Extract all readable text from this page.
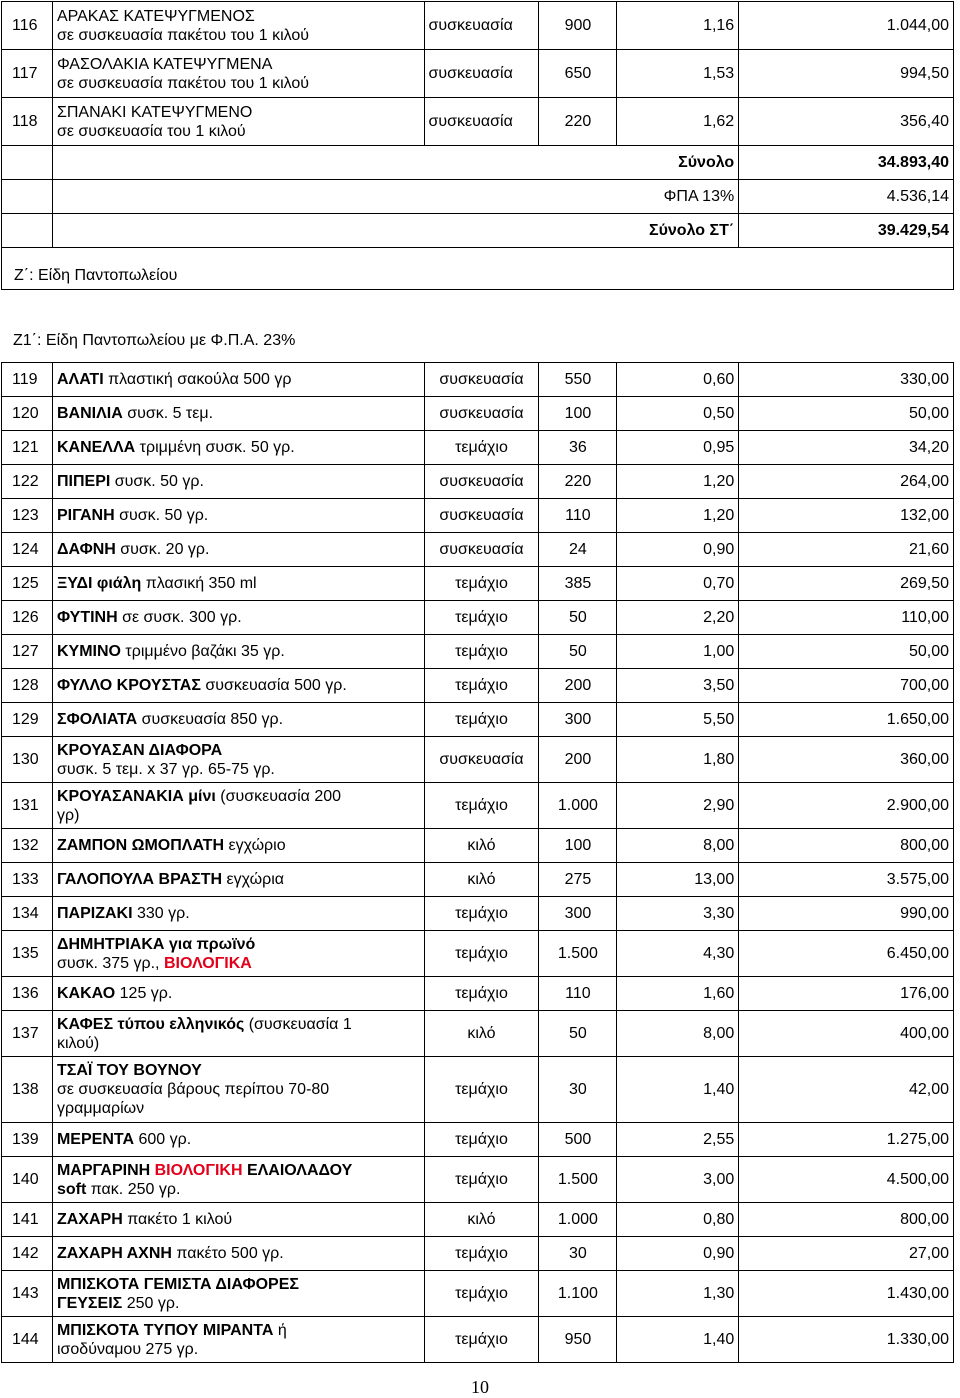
116	ΑΡΑΚΑΣ ΚΑΤΕΨΥΓΜΕΝΟΣ
σε συσκευασία πακέτου του 1 κιλού	συσκευασία	900	1,16	1.044,00
117	ΦΑΣΟΛΑΚΙΑ ΚΑΤΕΨΥΓΜΕΝΑ
σε συσκευασία πακέτου του 1 κιλού	συσκευασία	650	1,53	994,50
118	ΣΠΑΝΑΚΙ ΚΑΤΕΨΥΓΜΕΝΟ
σε συσκευασία του 1 κιλού	συσκευασία	220	1,62	356,40
	Σύνολο				34.893,40
	ΦΠΑ 13%				4.536,14
	Σύνολο ΣΤ΄				39.429,54
Ζ΄: Είδη Παντοπωλείου					
119	ΑΛΑΤΙ πλαστική σακούλα 500 γρ	συσκευασία	550	0,60	330,00
120	ΒΑΝΙΛΙΑ συσκ. 5 τεμ.	συσκευασία	100	0,50	50,00
121	ΚΑΝΕΛΛΑ τριμμένη συσκ. 50 γρ.	τεμάχιο	36	0,95	34,20
122	ΠΙΠΕΡΙ συσκ. 50 γρ.	συσκευασία	220	1,20	264,00
123	ΡΙΓΑΝΗ συσκ. 50 γρ.	συσκευασία	110	1,20	132,00
124	ΔΑΦΝΗ συσκ. 20 γρ.	συσκευασία	24	0,90	21,60
125	ΞΥΔΙ φιάλη πλασική 350 ml	τεμάχιο	385	0,70	269,50
126	ΦΥΤΙΝΗ σε συσκ. 300 γρ.	τεμάχιο	50	2,20	110,00
127	ΚΥΜΙΝΟ τριμμένο βαζάκι 35 γρ.	τεμάχιο	50	1,00	50,00
128	ΦΥΛΛΟ ΚΡΟΥΣΤΑΣ συσκευασία 500 γρ.	τεμάχιο	200	3,50	700,00
129	ΣΦΟΛΙΑΤΑ συσκευασία 850 γρ.	τεμάχιο	300	5,50	1.650,00
130	ΚΡΟΥΑΣΑΝ ΔΙΑΦΟΡΑ
συσκ. 5 τεμ. x 37 γρ. 65-75 γρ.	συσκευασία	200	1,80	360,00
131	ΚΡΟΥΑΣΑΝΑΚΙΑ μίνι (συσκευασία 200
γρ)	τεμάχιο	1.000	2,90	2.900,00
132	ΖΑΜΠΟΝ ΩΜΟΠΛΑΤΗ εγχώριο	κιλό	100	8,00	800,00
133	ΓΑΛΟΠΟΥΛΑ ΒΡΑΣΤΗ εγχώρια	κιλό	275	13,00	3.575,00
134	ΠΑΡΙΖΑΚΙ 330 γρ.	τεμάχιο	300	3,30	990,00
135	ΔΗΜΗΤΡΙΑΚΑ για πρωϊνό
συσκ. 375 γρ., ΒΙΟΛΟΓΙΚΑ	τεμάχιο	1.500	4,30	6.450,00
136	ΚΑΚΑΟ 125 γρ.	τεμάχιο	110	1,60	176,00
137	ΚΑΦΕΣ τύπου ελληνικός (συσκευασία 1
κιλού)	κιλό	50	8,00	400,00
138	ΤΣΑΪ ΤΟΥ ΒΟΥΝΟΥ
σε συσκευασία βάρους περίπου 70-80
γραμμαρίων	τεμάχιο	30	1,40	42,00
139	ΜΕΡΕΝΤΑ 600 γρ.	τεμάχιο	500	2,55	1.275,00
140	ΜΑΡΓΑΡΙΝΗ ΒΙΟΛΟΓΙΚΗ ΕΛΑΙΟΛΑΔΟΥ
soft πακ. 250 γρ.	τεμάχιο	1.500	3,00	4.500,00
141	ΖΑΧΑΡΗ πακέτο 1 κιλού	κιλό	1.000	0,80	800,00
142	ΖΑΧΑΡΗ ΑΧΝΗ πακέτο 500 γρ.	τεμάχιο	30	0,90	27,00
143	ΜΠΙΣΚΟΤΑ ΓΕΜΙΣΤΑ ΔΙΑΦΟΡΕΣ
ΓΕΥΣΕΙΣ 250 γρ.	τεμάχιο	1.100	1,30	1.430,00
144	ΜΠΙΣΚΟΤΑ ΤΥΠΟΥ ΜΙΡΑΝΤΑ ή
ισοδύναμου 275 γρ.	τεμάχιο	950	1,40	1.330,00
10
Ζ1΄: Είδη Παντοπωλείου με Φ.Π.Α. 23%
